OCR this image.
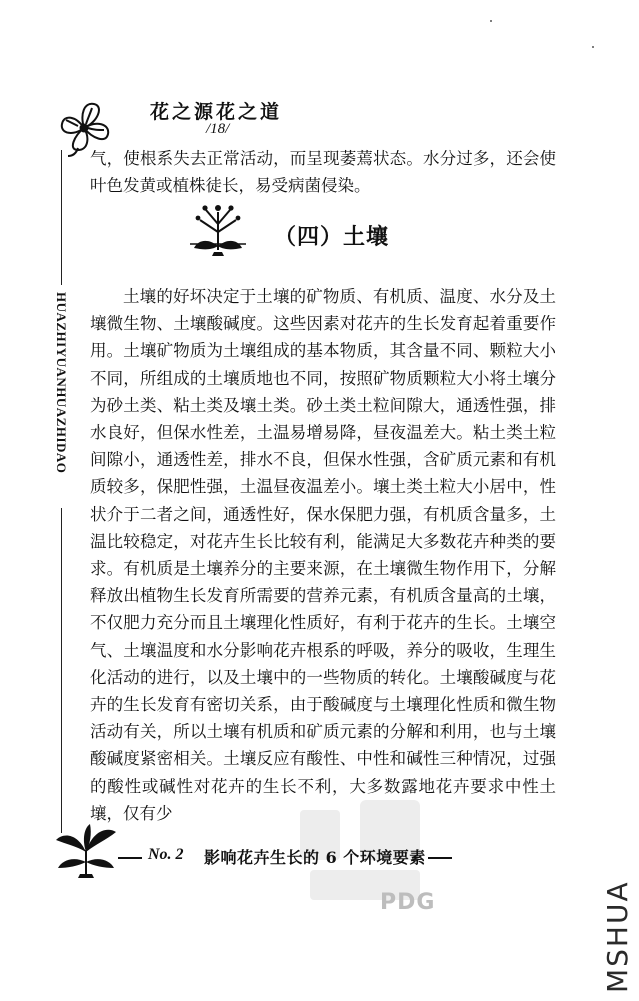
花之源花之道
/18/
HUAZHIYUANHUAZHIDAO
气，使根系失去正常活动，而呈现萎蔫状态。水分过多，还会使叶色发黄或植株徒长，易受病菌侵染。
（四）土壤
土壤的好坏决定于土壤的矿物质、有机质、温度、水分及土壤微生物、土壤酸碱度。这些因素对花卉的生长发育起着重要作用。土壤矿物质为土壤组成的基本物质，其含量不同、颗粒大小不同，所组成的土壤质地也不同，按照矿物质颗粒大小将土壤分为砂土类、粘土类及壤土类。砂土类土粒间隙大，通透性强，排水良好，但保水性差，土温易增易降，昼夜温差大。粘土类土粒间隙小，通透性差，排水不良，但保水性强，含矿质元素和有机质较多，保肥性强，土温昼夜温差小。壤土类土粒大小居中，性状介于二者之间，通透性好，保水保肥力强，有机质含量多，土温比较稳定，对花卉生长比较有利，能满足大多数花卉种类的要求。有机质是土壤养分的主要来源，在土壤微生物作用下，分解释放出植物生长发育所需要的营养元素，有机质含量高的土壤，不仅肥力充分而且土壤理化性质好，有利于花卉的生长。土壤空气、土壤温度和水分影响花卉根系的呼吸，养分的吸收，生理生化活动的进行，以及土壤中的一些物质的转化。土壤酸碱度与花卉的生长发育有密切关系，由于酸碱度与土壤理化性质和微生物活动有关，所以土壤有机质和矿质元素的分解和利用，也与土壤酸碱度紧密相关。土壤反应有酸性、中性和碱性三种情况，过强的酸性或碱性对花卉的生长不利，大多数露地花卉要求中性土壤，仅有少
PDG
No. 2 影响花卉生长的 6 个环境要素
MSHUA
